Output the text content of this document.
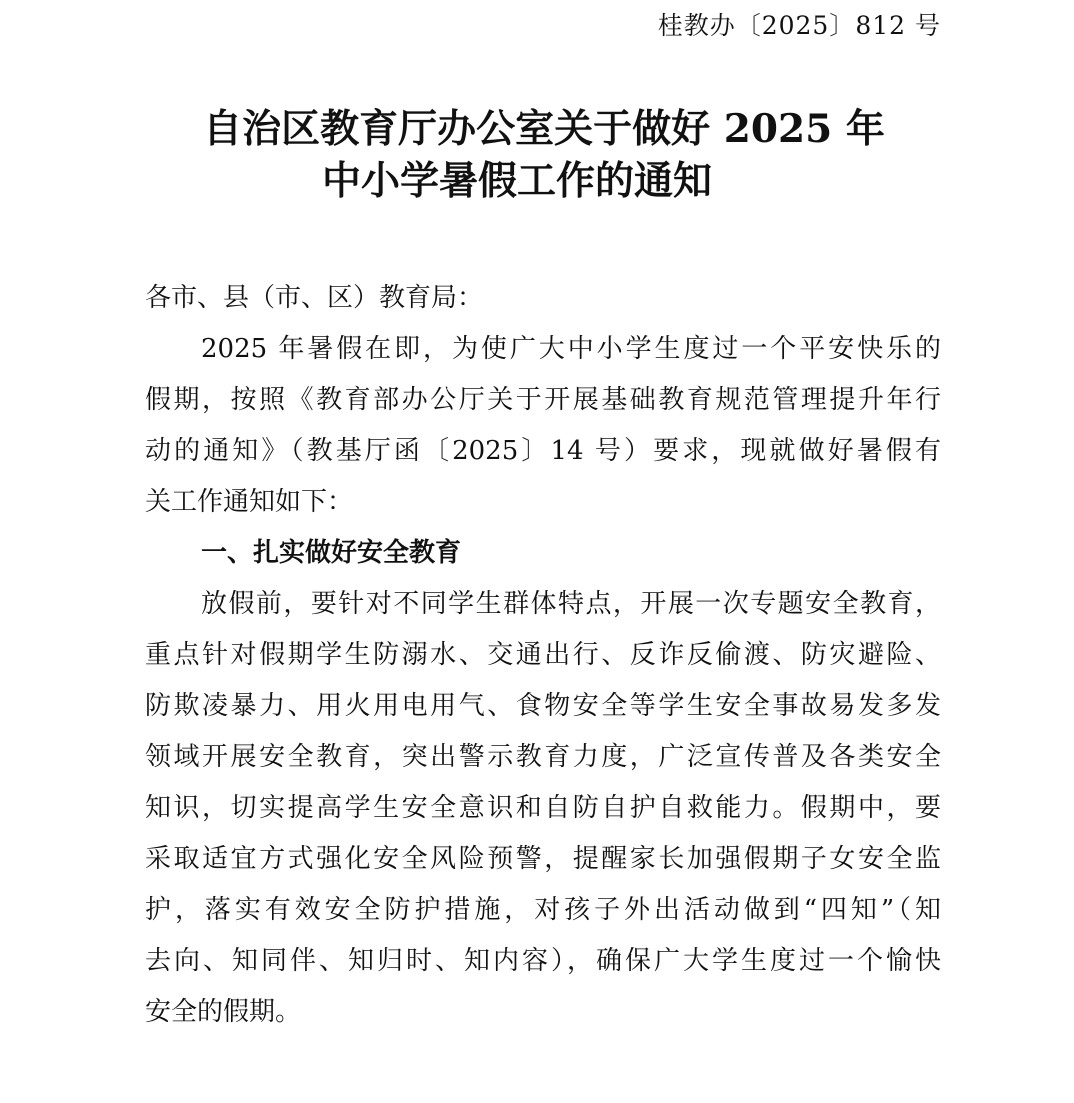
桂教办〔2025〕812 号
自治区教育厅办公室关于做好 2025 年
中小学暑假工作的通知
各市、县（市、区）教育局：
2025 年暑假在即，为使广大中小学生度过一个平安快乐的
假期，按照《教育部办公厅关于开展基础教育规范管理提升年行
动的通知》（教基厅函〔2025〕14 号）要求，现就做好暑假有
关工作通知如下：
一、扎实做好安全教育
放假前，要针对不同学生群体特点，开展一次专题安全教育，
重点针对假期学生防溺水、交通出行、反诈反偷渡、防灾避险、
防欺凌暴力、用火用电用气、食物安全等学生安全事故易发多发
领域开展安全教育，突出警示教育力度，广泛宣传普及各类安全
知识，切实提高学生安全意识和自防自护自救能力。假期中，要
采取适宜方式强化安全风险预警，提醒家长加强假期子女安全监
护，落实有效安全防护措施，对孩子外出活动做到“四知”（知
去向、知同伴、知归时、知内容），确保广大学生度过一个愉快
安全的假期。
